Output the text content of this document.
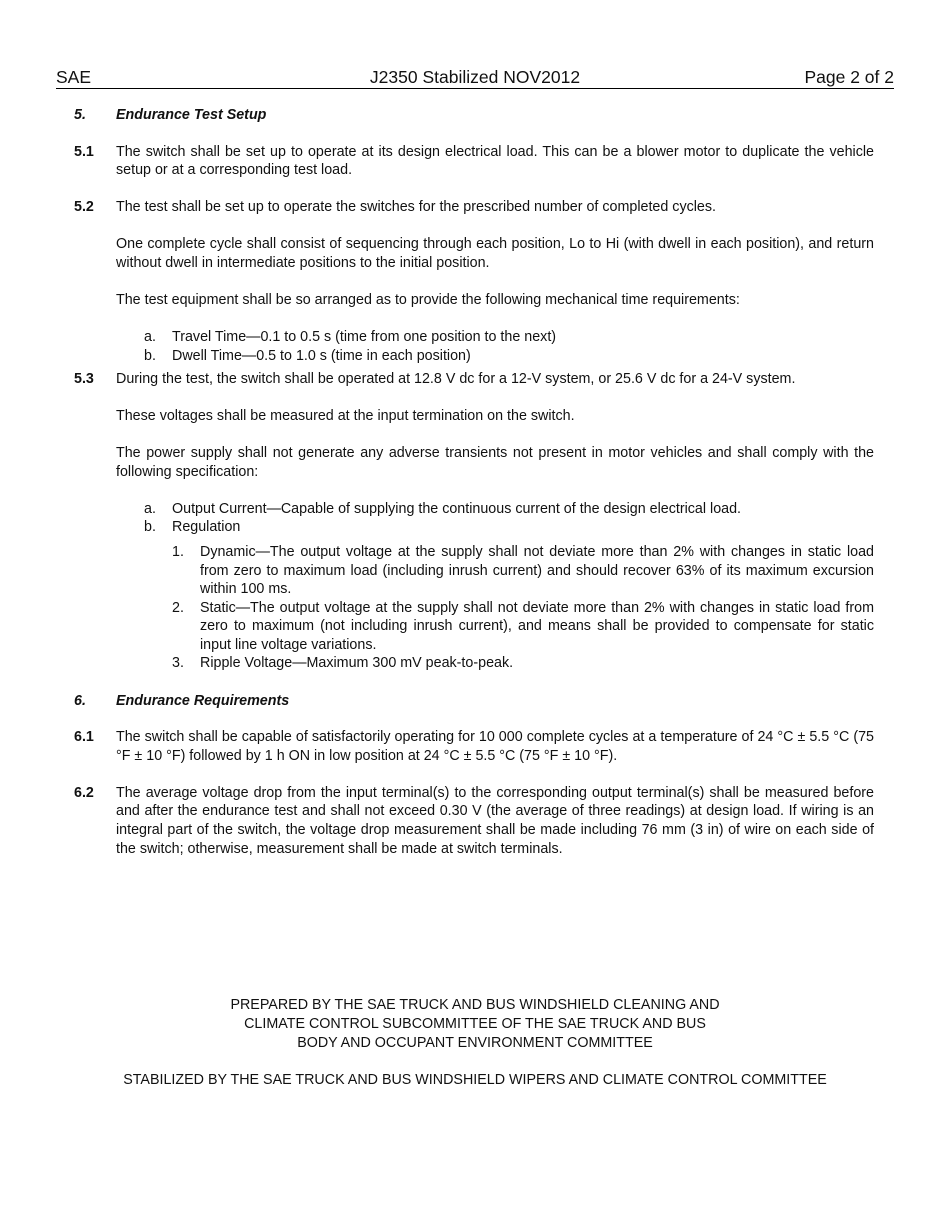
SAE	J2350 Stabilized NOV2012	Page 2 of 2
5.	Endurance Test Setup
5.1	The switch shall be set up to operate at its design electrical load. This can be a blower motor to duplicate the vehicle setup or at a corresponding test load.
5.2	The test shall be set up to operate the switches for the prescribed number of completed cycles.
One complete cycle shall consist of sequencing through each position, Lo to Hi (with dwell in each position), and return without dwell in intermediate positions to the initial position.
The test equipment shall be so arranged as to provide the following mechanical time requirements:
a.	Travel Time—0.1 to 0.5 s (time from one position to the next)
b.	Dwell Time—0.5 to 1.0 s (time in each position)
5.3	During the test, the switch shall be operated at 12.8 V dc for a 12-V system, or 25.6 V dc for a 24-V system.
These voltages shall be measured at the input termination on the switch.
The power supply shall not generate any adverse transients not present in motor vehicles and shall comply with the following specification:
a.	Output Current—Capable of supplying the continuous current of the design electrical load.
b.	Regulation
1.	Dynamic—The output voltage at the supply shall not deviate more than 2% with changes in static load from zero to maximum load (including inrush current) and should recover 63% of its maximum excursion within 100 ms.
2.	Static—The output voltage at the supply shall not deviate more than 2% with changes in static load from zero to maximum (not including inrush current), and means shall be provided to compensate for static input line voltage variations.
3.	Ripple Voltage—Maximum 300 mV peak-to-peak.
6.	Endurance Requirements
6.1	The switch shall be capable of satisfactorily operating for 10 000 complete cycles at a temperature of 24 °C ± 5.5 °C (75 °F ± 10 °F) followed by 1 h ON in low position at 24 °C ± 5.5 °C (75 °F ± 10 °F).
6.2	The average voltage drop from the input terminal(s) to the corresponding output terminal(s) shall be measured before and after the endurance test and shall not exceed 0.30 V (the average of three readings) at design load. If wiring is an integral part of the switch, the voltage drop measurement shall be made including 76 mm (3 in) of wire on each side of the switch; otherwise, measurement shall be made at switch terminals.
PREPARED BY THE SAE TRUCK AND BUS WINDSHIELD CLEANING AND
CLIMATE CONTROL SUBCOMMITTEE OF THE SAE TRUCK AND BUS
BODY AND OCCUPANT ENVIRONMENT COMMITTEE
STABILIZED BY THE SAE TRUCK AND BUS WINDSHIELD WIPERS AND CLIMATE CONTROL COMMITTEE
